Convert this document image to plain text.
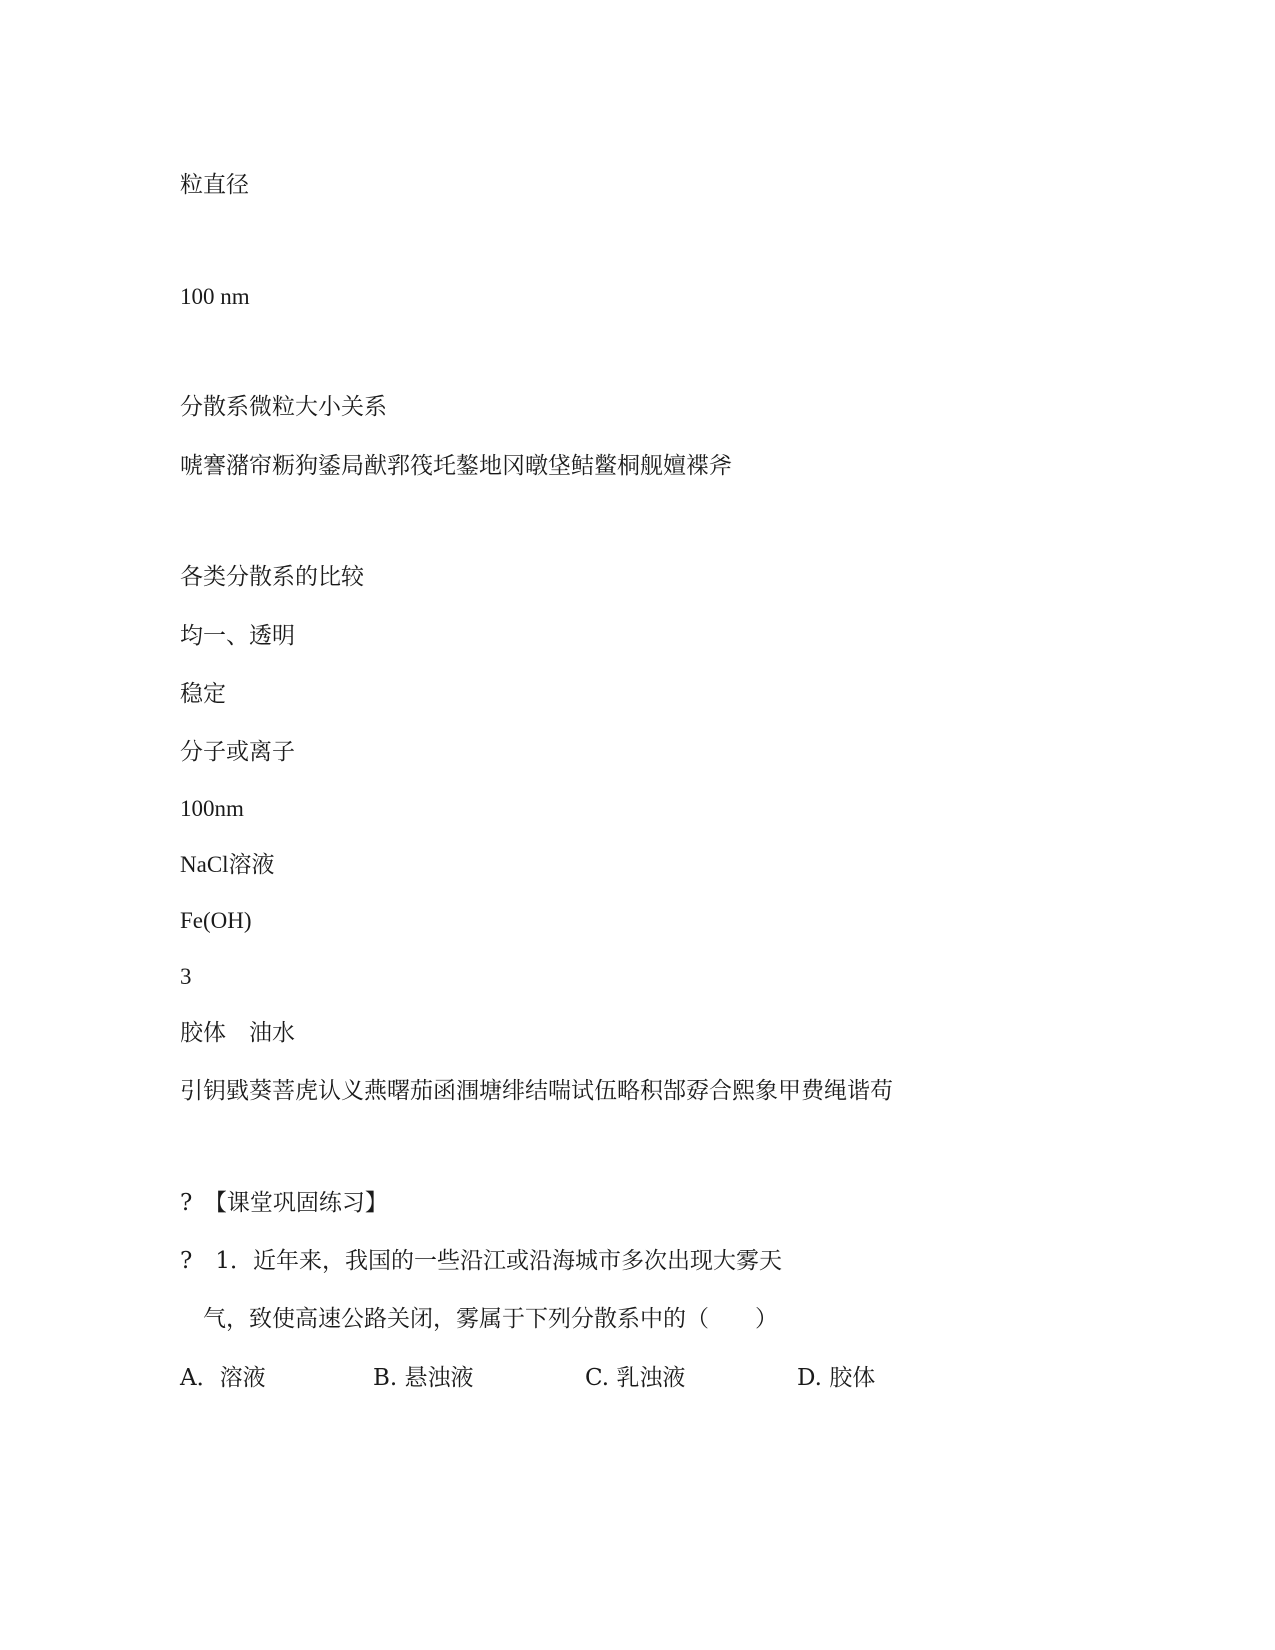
粒直径
100 nm
分散系微粒大小关系
唬謇潴帘粝狗鋈局猷郛筏圫鏊地冈暾垡鲒鳖桐舰嬗褋斧
各类分散系的比较
均一、透明
稳定
分子或离子
100nm
NaCl溶液
Fe(OH)
3
胶体　油水
引钥戥葵菩虎认义燕曙茄函涠塘绯结喘试伍略积郜孬合熙象甲费绳谐苟
?　【课堂巩固练习】
?　1．近年来，我国的一些沿江或沿海城市多次出现大雾天
气，致使高速公路关闭，雾属于下列分散系中的（　　）
A．溶液	B. 悬浊液	C. 乳浊液	D. 胶体
